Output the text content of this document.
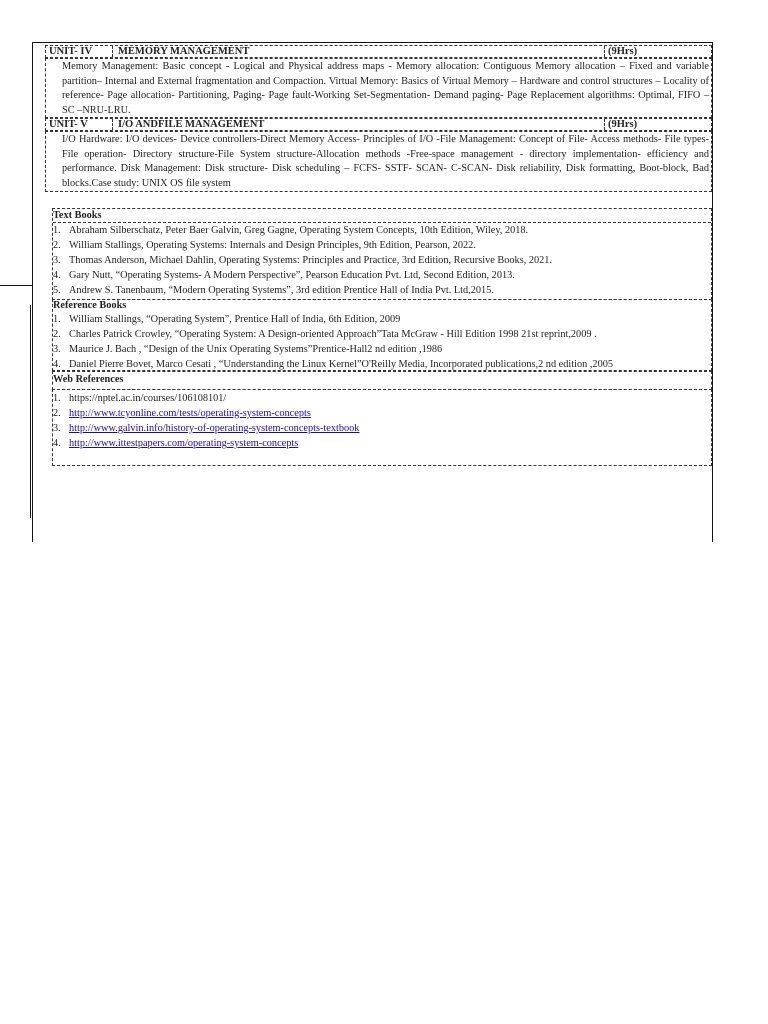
UNIT- IV MEMORY MANAGEMENT	(9Hrs)
Memory Management: Basic concept - Logical and Physical address maps - Memory allocation: Contiguous Memory allocation – Fixed and variable partition– Internal and External fragmentation and Compaction. Virtual Memory: Basics of Virtual Memory – Hardware and control structures – Locality of reference- Page allocation- Partitioning, Paging- Page fault-Working Set-Segmentation- Demand paging- Page Replacement algorithms: Optimal, FIFO – SC –NRU-LRU.
UNIT- V	I/O ANDFILE MANAGEMENT	(9Hrs)
I/O Hardware: I/O devices- Device controllers-Direct Memory Access- Principles of I/O -File Management: Concept of File- Access methods- File types- File operation- Directory structure-File System structure-Allocation methods -Free-space management - directory implementation- efficiency and performance. Disk Management: Disk structure- Disk scheduling – FCFS- SSTF- SCAN- C-SCAN- Disk reliability, Disk formatting, Boot-block, Bad blocks.Case study: UNIX OS file system
Text Books
1. Abraham Silberschatz, Peter Baer Galvin, Greg Gagne, Operating System Concepts, 10th Edition, Wiley, 2018.
2. William Stallings, Operating Systems: Internals and Design Principles, 9th Edition, Pearson, 2022.
3. Thomas Anderson, Michael Dahlin, Operating Systems: Principles and Practice, 3rd Edition, Recursive Books, 2021.
4. Gary Nutt, “Operating Systems- A Modern Perspective”, Pearson Education Pvt. Ltd, Second Edition, 2013.
5. Andrew S. Tanenbaum, “Modern Operating Systems”, 3rd edition Prentice Hall of India Pvt. Ltd,2015.
Reference Books
1. William Stallings, “Operating System”, Prentice Hall of India, 6th Edition, 2009
2. Charles Patrick Crowley, “Operating System: A Design-oriented Approach”Tata McGraw - Hill Edition 1998 21st reprint,2009 .
3. Maurice J. Bach , “Design of the Unix Operating Systems”Prentice-Hall2 nd edition ,1986
4. Daniel Pierre Bovet, Marco Cesati , “Understanding the Linux Kernel”O'Reilly Media, Incorporated publications,2 nd edition ,2005
Web References
1. https://nptel.ac.in/courses/106108101/
2. http://www.tcyonline.com/tests/operating-system-concepts
3. http://www.galvin.info/history-of-operating-system-concepts-textbook
4. http://www.ittestpapers.com/operating-system-concepts
